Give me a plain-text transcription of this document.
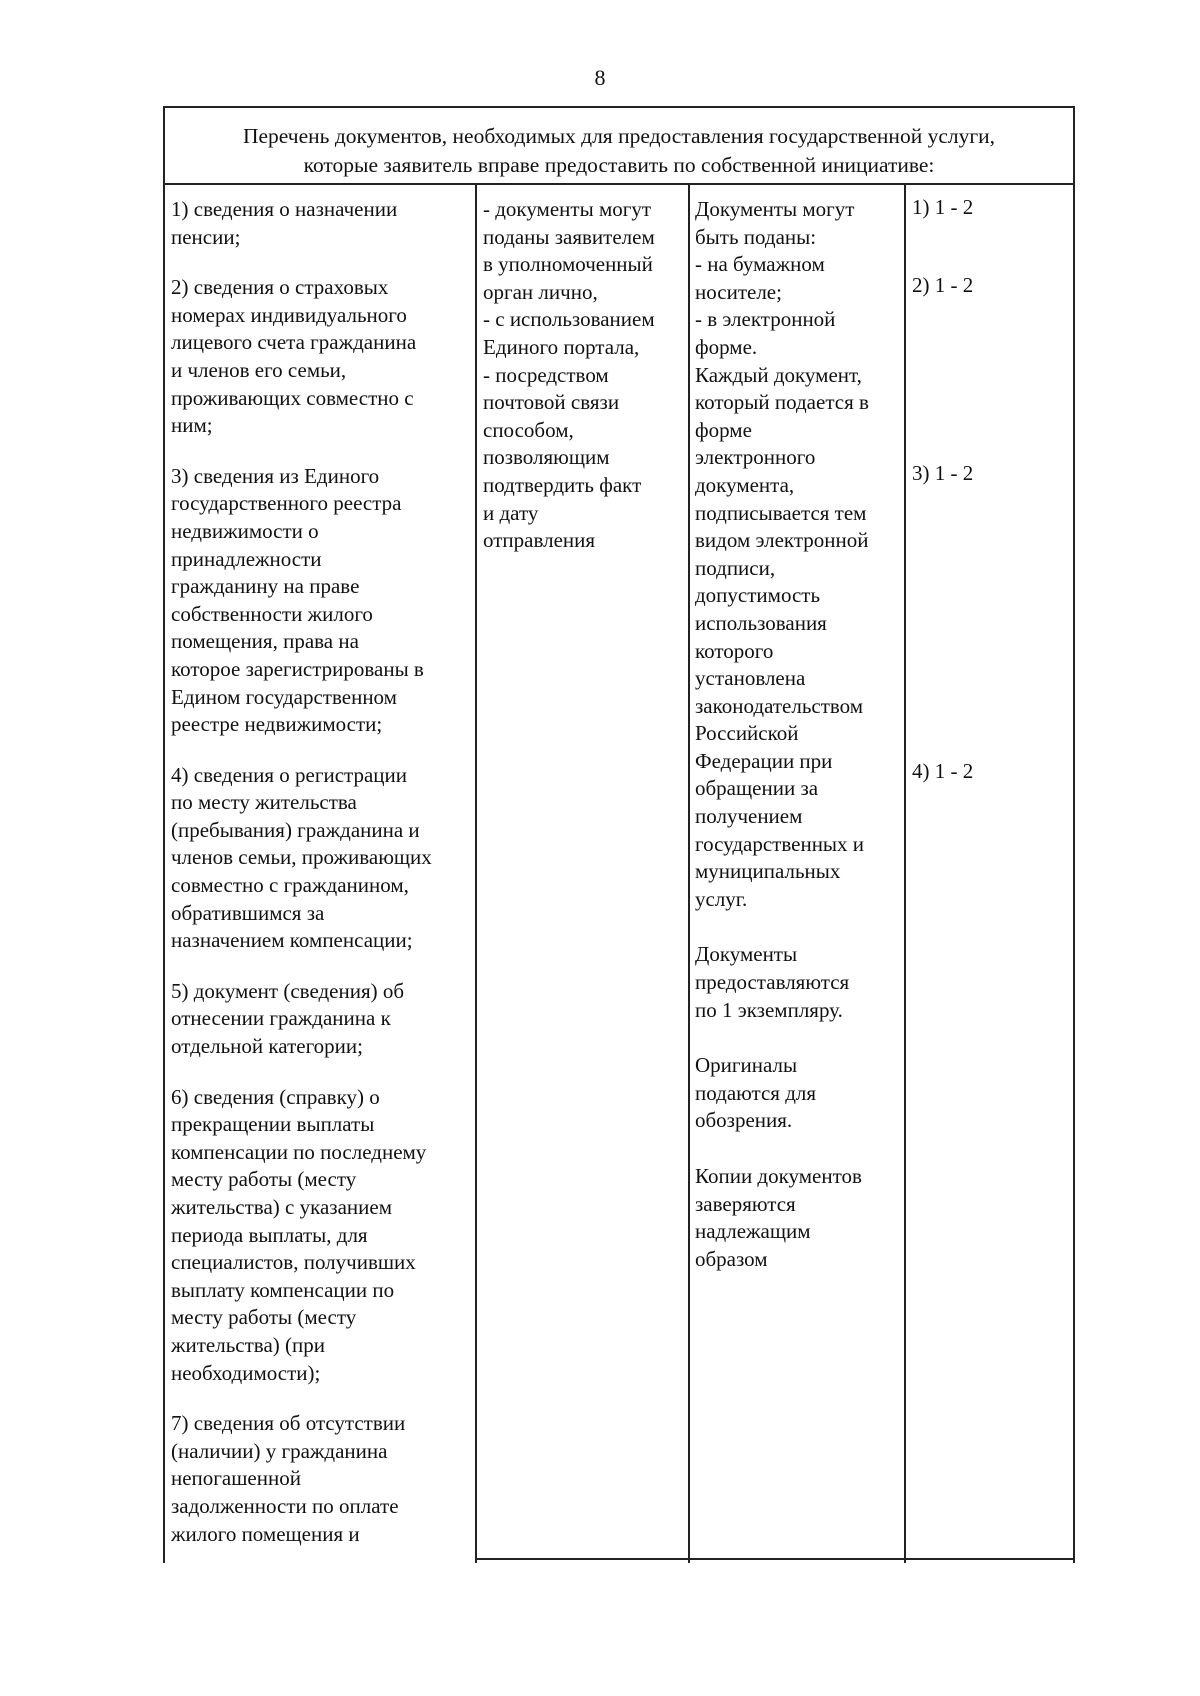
8
Перечень документов, необходимых для предоставления государственной услуги,
которые заявитель вправе предоставить по собственной инициативе:
1) сведения о назначении
пенсии;
2) сведения о страховых
номерах индивидуального
лицевого счета гражданина
и членов его семьи,
проживающих совместно с
ним;
3) сведения из Единого
государственного реестра
недвижимости о
принадлежности
гражданину на праве
собственности жилого
помещения, права на
которое зарегистрированы в
Едином государственном
реестре недвижимости;
4) сведения о регистрации
по месту жительства
(пребывания) гражданина и
членов семьи, проживающих
совместно с гражданином,
обратившимся за
назначением компенсации;
5) документ (сведения) об
отнесении гражданина к
отдельной категории;
6) сведения (справку) о
прекращении выплаты
компенсации по последнему
месту работы (месту
жительства) с указанием
периода выплаты, для
специалистов, получивших
выплату компенсации по
месту работы (месту
жительства) (при
необходимости);
7) сведения об отсутствии
(наличии) у гражданина
непогашенной
задолженности по оплате
жилого помещения и
- документы могут
поданы заявителем
в уполномоченный
орган лично,
- с использованием
Единого портала,
- посредством
почтовой связи
способом,
позволяющим
подтвердить факт
и дату
отправления
Документы могут
быть поданы:
- на бумажном
носителе;
- в электронной
форме.
Каждый документ,
который подается в
форме
электронного
документа,
подписывается тем
видом электронной
подписи,
допустимость
использования
которого
установлена
законодательством
Российской
Федерации при
обращении за
получением
государственных и
муниципальных
услуг.
Документы
предоставляются
по 1 экземпляру.
Оригиналы
подаются для
обозрения.
Копии документов
заверяются
надлежащим
образом
1) 1 - 2
2) 1 - 2
3) 1 - 2
4) 1 - 2
